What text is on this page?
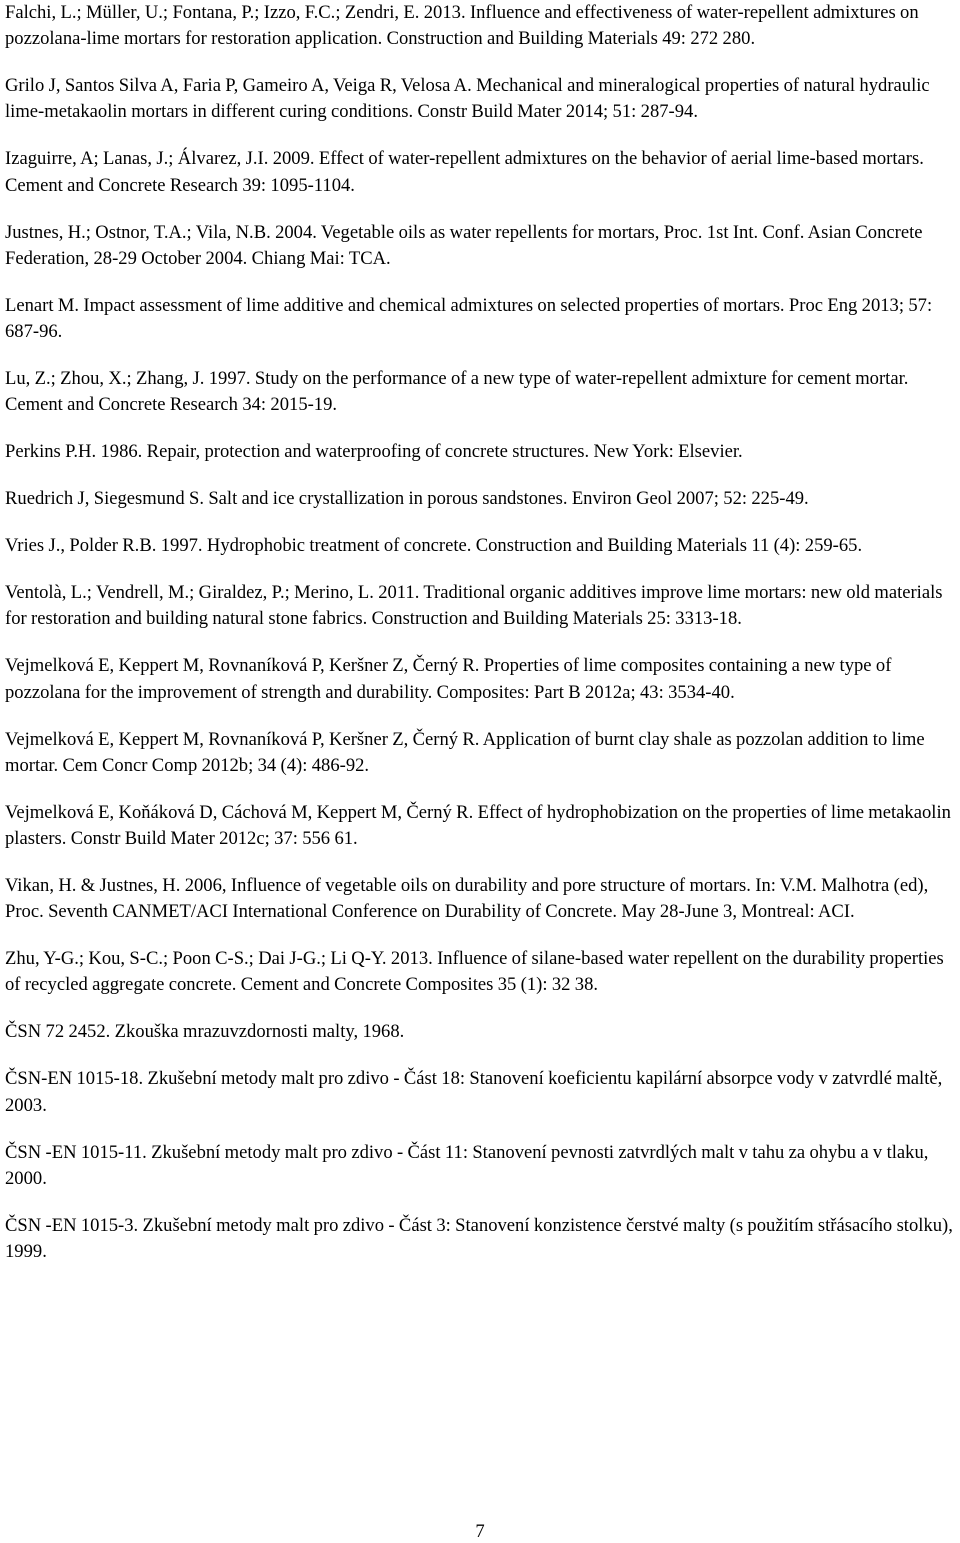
Falchi, L.; Müller, U.; Fontana, P.; Izzo, F.C.; Zendri, E. 2013. Influence and effectiveness of water-repellent admixtures on pozzolana-lime mortars for restoration application. Construction and Building Materials 49: 272 280.
Grilo J, Santos Silva A, Faria P, Gameiro A, Veiga R, Velosa A. Mechanical and mineralogical properties of natural hydraulic lime-metakaolin mortars in different curing conditions. Constr Build Mater 2014; 51: 287-94.
Izaguirre, A; Lanas, J.; Álvarez, J.I. 2009. Effect of water-repellent admixtures on the behavior of aerial lime-based mortars. Cement and Concrete Research 39: 1095-1104.
Justnes, H.; Ostnor, T.A.; Vila, N.B. 2004. Vegetable oils as water repellents for mortars, Proc. 1st Int. Conf. Asian Concrete Federation, 28-29 October 2004. Chiang Mai: TCA.
Lenart M. Impact assessment of lime additive and chemical admixtures on selected properties of mortars. Proc Eng 2013; 57: 687-96.
Lu, Z.; Zhou, X.; Zhang, J. 1997. Study on the performance of a new type of water-repellent admixture for cement mortar. Cement and Concrete Research 34: 2015-19.
Perkins P.H. 1986. Repair, protection and waterproofing of concrete structures. New York: Elsevier.
Ruedrich J, Siegesmund S. Salt and ice crystallization in porous sandstones. Environ Geol 2007; 52: 225-49.
Vries J., Polder R.B. 1997. Hydrophobic treatment of concrete. Construction and Building Materials 11 (4): 259-65.
Ventolà, L.; Vendrell, M.; Giraldez, P.; Merino, L. 2011. Traditional organic additives improve lime mortars: new old materials for restoration and building natural stone fabrics. Construction and Building Materials 25: 3313-18.
Vejmelková E, Keppert M, Rovnaníková P, Keršner Z, Černý R. Properties of lime composites containing a new type of pozzolana for the improvement of strength and durability. Composites: Part B 2012a; 43: 3534-40.
Vejmelková E, Keppert M, Rovnaníková P, Keršner Z, Černý R. Application of burnt clay shale as pozzolan addition to lime mortar. Cem Concr Comp 2012b; 34 (4): 486-92.
Vejmelková E, Koňáková D, Cáchová M, Keppert M, Černý R. Effect of hydrophobization on the properties of lime metakaolin plasters. Constr Build Mater 2012c; 37: 556 61.
Vikan, H. & Justnes, H. 2006, Influence of vegetable oils on durability and pore structure of mortars. In: V.M. Malhotra (ed), Proc. Seventh CANMET/ACI International Conference on Durability of Concrete. May 28-June 3, Montreal: ACI.
Zhu, Y-G.; Kou, S-C.; Poon C-S.; Dai J-G.; Li Q-Y. 2013. Influence of silane-based water repellent on the durability properties of recycled aggregate concrete. Cement and Concrete Composites 35 (1): 32 38.
ČSN 72 2452. Zkouška mrazuvzdornosti malty, 1968.
ČSN-EN 1015-18. Zkušební metody malt pro zdivo - Část 18: Stanovení koeficientu kapilární absorpce vody v zatvrdlé maltě, 2003.
ČSN -EN 1015-11. Zkušební metody malt pro zdivo - Část 11: Stanovení pevnosti zatvrdlých malt v tahu za ohybu a v tlaku, 2000.
ČSN -EN 1015-3. Zkušební metody malt pro zdivo - Část 3: Stanovení konzistence čerstvé malty (s použitím střásacího stolku), 1999.
7
